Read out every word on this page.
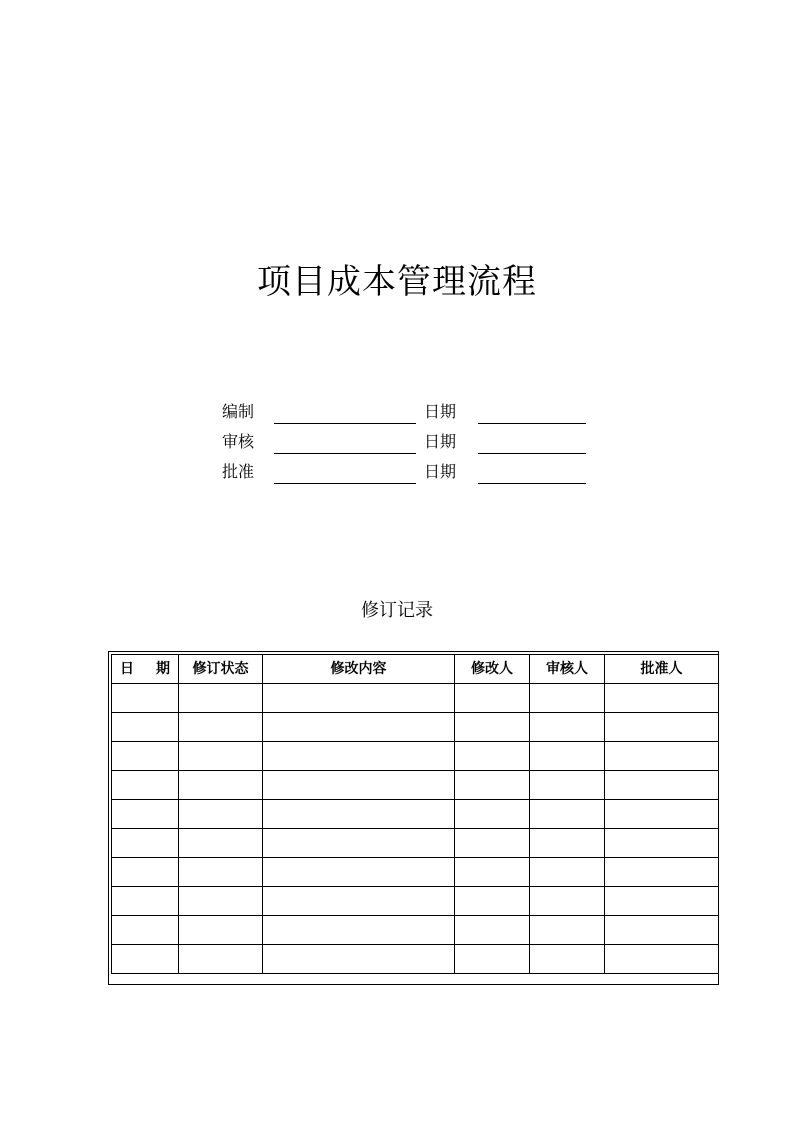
项目成本管理流程
编制	日期
审核	日期
批准	日期
修订记录
日　期	修订状态	修改内容	修改人	审核人	批准人
